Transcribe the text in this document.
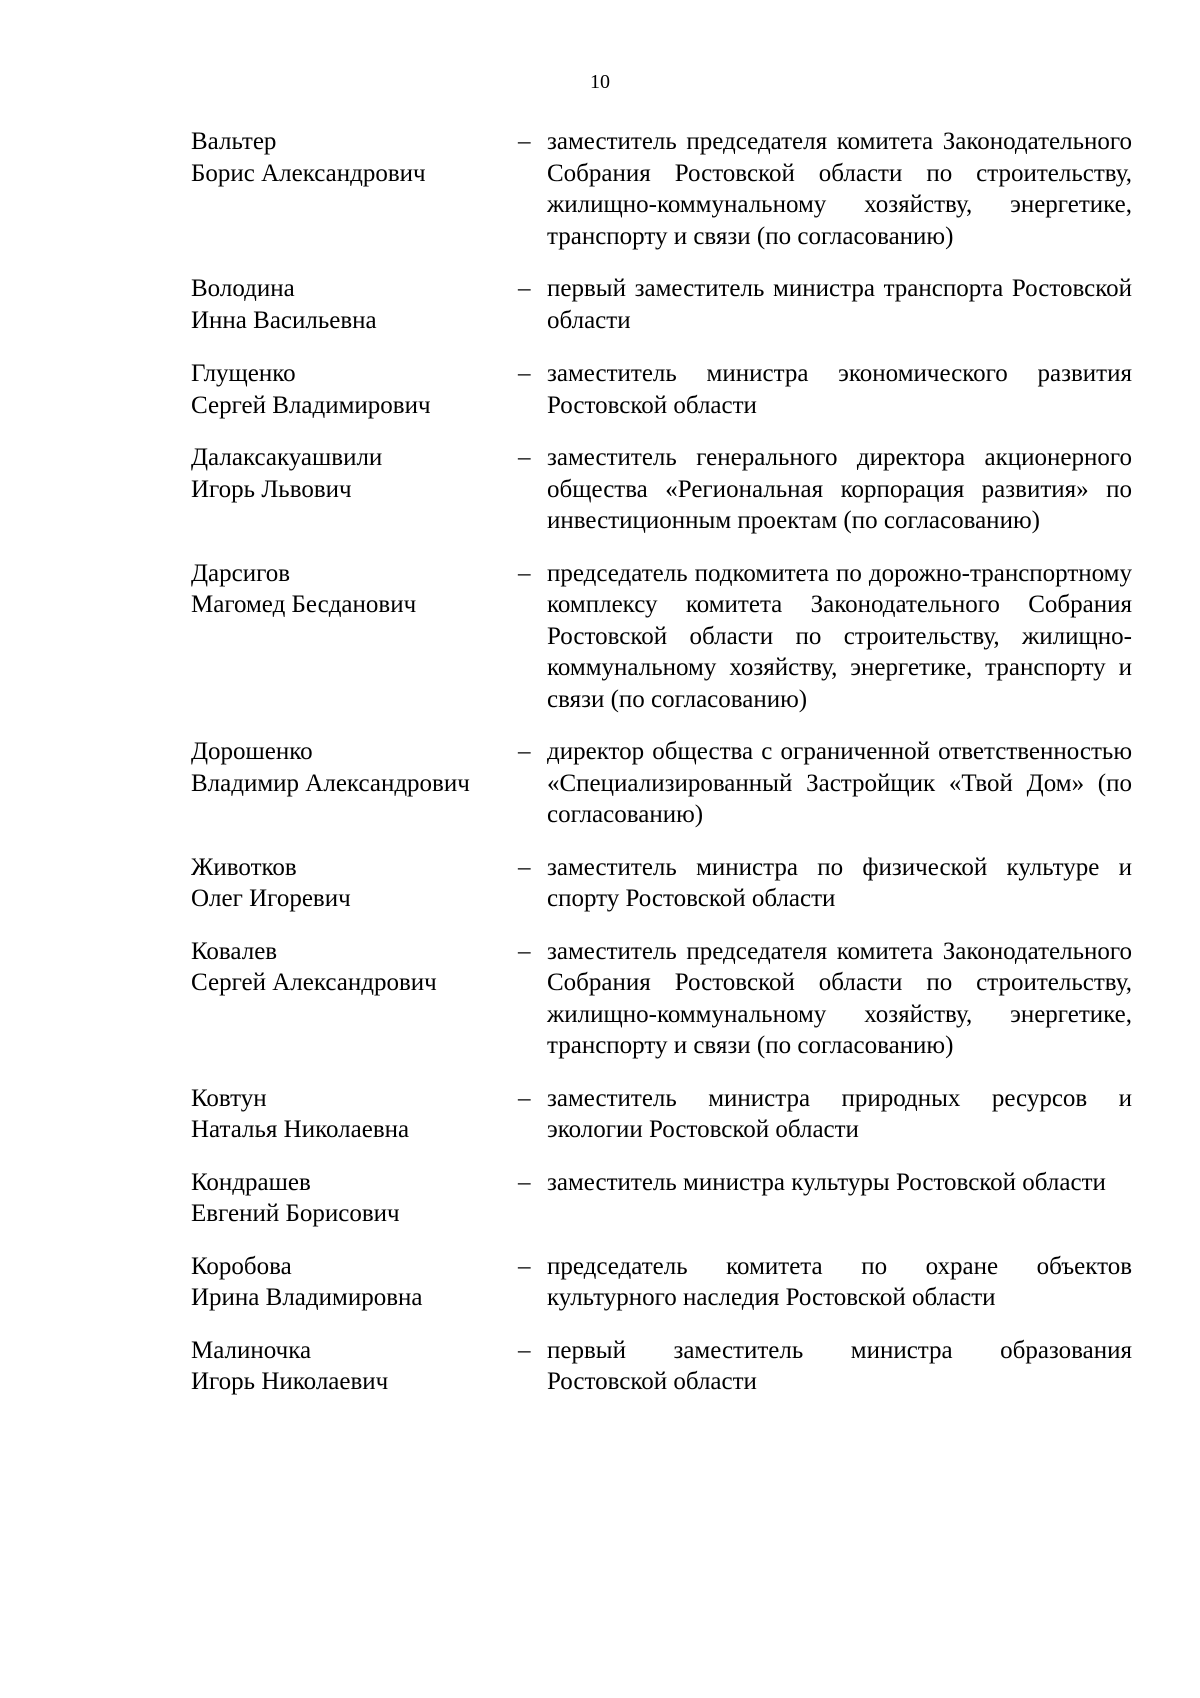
10
Вальтер
Борис Александрович
– заместитель председателя комитета Законодательного Собрания Ростовской области по строительству, жилищно-коммунальному хозяйству, энергетике, транспорту и связи (по согласованию)
Володина
Инна Васильевна
– первый заместитель министра транспорта Ростовской области
Глущенко
Сергей Владимирович
– заместитель министра экономического развития Ростовской области
Далаксакуашвили
Игорь Львович
– заместитель генерального директора акционерного общества «Региональная корпорация развития» по инвестиционным проектам (по согласованию)
Дарсигов
Магомед Бесданович
– председатель подкомитета по дорожно-транспортному комплексу комитета Законодательного Собрания Ростовской области по строительству, жилищно-коммунальному хозяйству, энергетике, транспорту и связи (по согласованию)
Дорошенко
Владимир Александрович
– директор общества с ограниченной ответственностью «Специализированный Застройщик «Твой Дом» (по согласованию)
Животков
Олег Игоревич
– заместитель министра по физической культуре и спорту Ростовской области
Ковалев
Сергей Александрович
– заместитель председателя комитета Законодательного Собрания Ростовской области по строительству, жилищно-коммунальному хозяйству, энергетике, транспорту и связи (по согласованию)
Ковтун
Наталья Николаевна
– заместитель министра природных ресурсов и экологии Ростовской области
Кондрашев
Евгений Борисович
– заместитель министра культуры Ростовской области
Коробова
Ирина Владимировна
– председатель комитета по охране объектов культурного наследия Ростовской области
Малиночка
Игорь Николаевич
– первый заместитель министра образования Ростовской области
